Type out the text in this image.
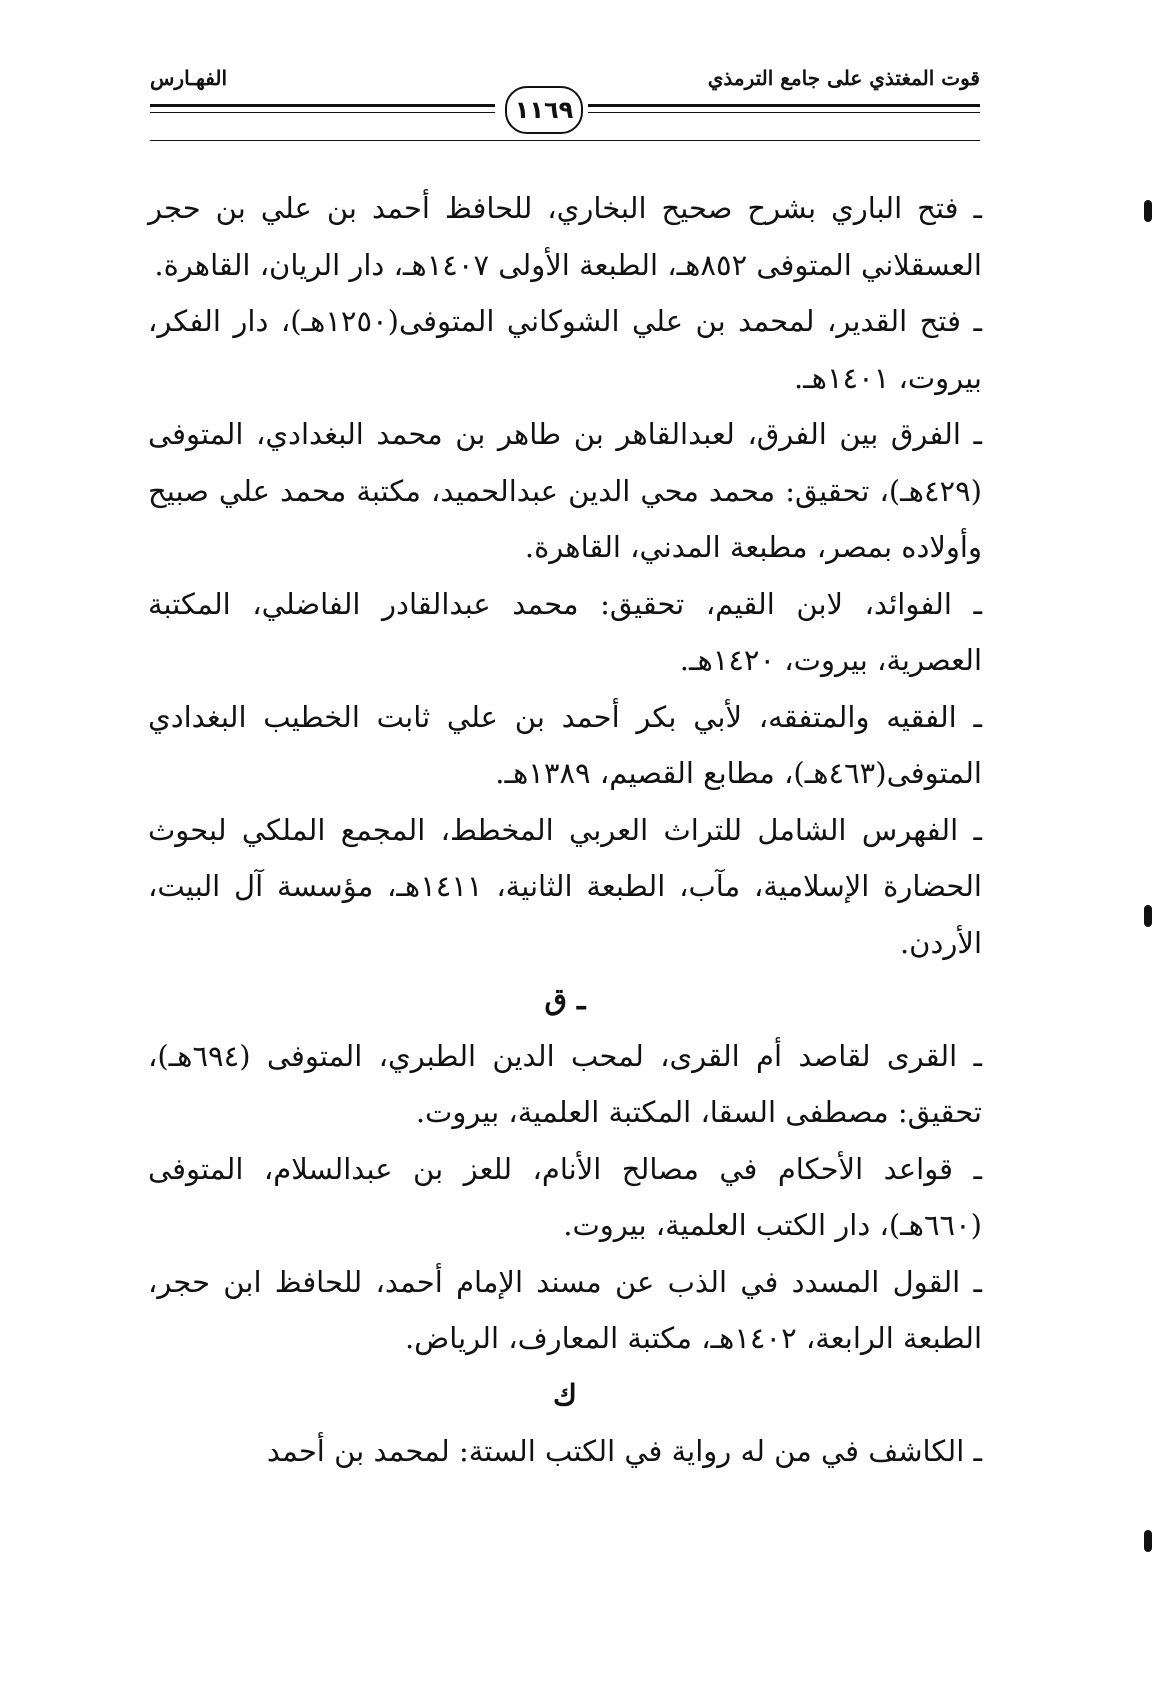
قوت المغتذي على جامع الترمذي
الفهـارس
١١٦٩

ـ فتح الباري بشرح صحيح البخاري، للحافظ أحمد بن علي بن حجر العسقلاني المتوفى ٨٥٢هـ، الطبعة الأولى ١٤٠٧هـ، دار الريان، القاهرة.

ـ فتح القدير، لمحمد بن علي الشوكاني المتوفى(١٢٥٠هـ)، دار الفكر، بيروت، ١٤٠١هـ.

ـ الفرق بين الفرق، لعبدالقاهر بن طاهر بن محمد البغدادي، المتوفى (٤٢٩هـ)، تحقيق: محمد محي الدين عبدالحميد، مكتبة محمد علي صبيح وأولاده بمصر، مطبعة المدني، القاهرة.

ـ الفوائد، لابن القيم، تحقيق: محمد عبدالقادر الفاضلي، المكتبة العصرية، بيروت، ١٤٢٠هـ.

ـ الفقيه والمتفقه، لأبي بكر أحمد بن علي ثابت الخطيب البغدادي المتوفى(٤٦٣هـ)، مطابع القصيم، ١٣٨٩هـ.

ـ الفهرس الشامل للتراث العربي المخطط، المجمع الملكي لبحوث الحضارة الإسلامية، مآب، الطبعة الثانية، ١٤١١هـ، مؤسسة آل البيت، الأردن.

ـ ق

ـ القرى لقاصد أم القرى، لمحب الدين الطبري، المتوفى (٦٩٤هـ)، تحقيق: مصطفى السقا، المكتبة العلمية، بيروت.

ـ قواعد الأحكام في مصالح الأنام، للعز بن عبدالسلام، المتوفى (٦٦٠هـ)، دار الكتب العلمية، بيروت.

ـ القول المسدد في الذب عن مسند الإمام أحمد، للحافظ ابن حجر، الطبعة الرابعة، ١٤٠٢هـ، مكتبة المعارف، الرياض.

ك

ـ الكاشف في من له رواية في الكتب الستة: لمحمد بن أحمد
